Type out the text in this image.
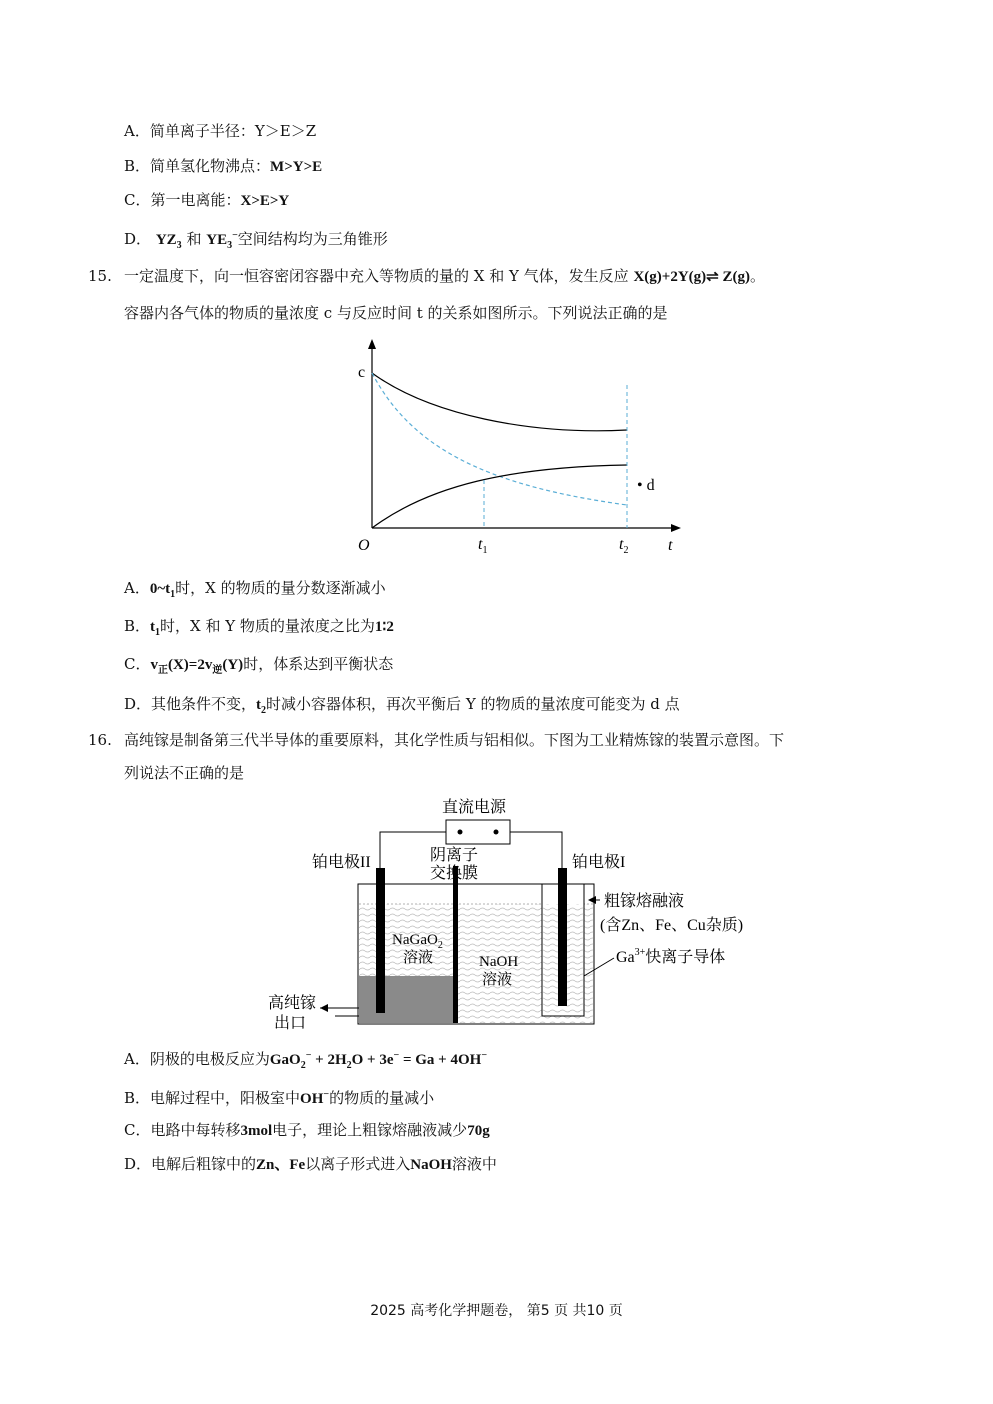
A．简单离子半径：Y＞E＞Z
B．简单氢化物沸点：M>Y>E
C．第一电离能：X>E>Y
D． $YZ_3$ 和 $YE_3^-$空间结构均为三角锥形
15. 一定温度下，向一恒容密闭容器中充入等物质的量的 X 和 Y 气体，发生反应 X(g)+2Y(g)⇌ Z(g)。
容器内各气体的物质的量浓度 c 与反应时间 t 的关系如图所示。下列说法正确的是
c
O	t
$t_1$	$t_2$
• d
A．$0\sim t_1$时，X 的物质的量分数逐渐减小
B．$t_1$时，X 和 Y 物质的量浓度之比为1∶2
C．$v_正(X)=2v_逆(Y)$时，体系达到平衡状态
D．其他条件不变，$t_2$时减小容器体积，再次平衡后 Y 的物质的量浓度可能变为 d 点
16. 高纯镓是制备第三代半导体的重要原料，其化学性质与铝相似。下图为工业精炼镓的装置示意图。下
列说法不正确的是
直流电源
铂电极II	阴离子
交换膜
铂电极I
粗镓熔融液
(含Zn、Fe、Cu杂质)
NaGaO$_2$
溶液	NaOH
溶液
$Ga^{3+}$快离子导体
高纯镓
出口
A．阴极的电极反应为$GaO_2^- + 2H_2O + 3e^- = Ga + 4OH^-$
B．电解过程中，阳极室中OH−的物质的量减小
C．电路中每转移3mol电子，理论上粗镓熔融液减少70g
D．电解后粗镓中的Zn、Fe以离子形式进入NaOH溶液中
2025 高考化学押题卷， 第5 页 共10 页
